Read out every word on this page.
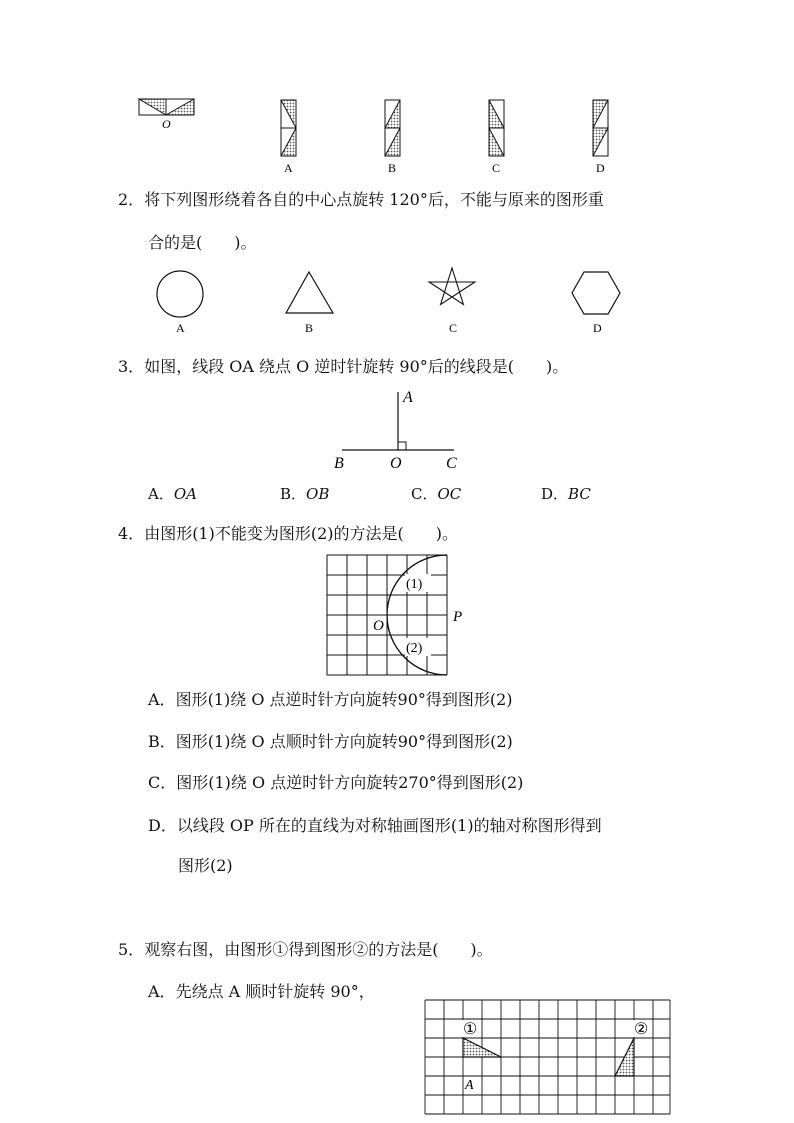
O
A	B	C	D
2．将下列图形绕着各自的中心点旋转 120°后，不能与原来的图形重
合的是(　　)。
A	B	C	D
3．如图，线段 OA 绕点 O 逆时针旋转 90°后的线段是(　　)。
A
B	O	C
A．OA	B．OB	C．OC	D．BC
4．由图形(1)不能变为图形(2)的方法是(　　)。
(1)
(2)
O
P
A．图形(1)绕 O 点逆时针方向旋转90°得到图形(2)
B．图形(1)绕 O 点顺时针方向旋转90°得到图形(2)
C．图形(1)绕 O 点逆时针方向旋转270°得到图形(2)
D．以线段 OP 所在的直线为对称轴画图形(1)的轴对称图形得到
图形(2)
5．观察右图，由图形①得到图形②的方法是(　　)。
A．先绕点 A 顺时针旋转 90°，
①	②
A
